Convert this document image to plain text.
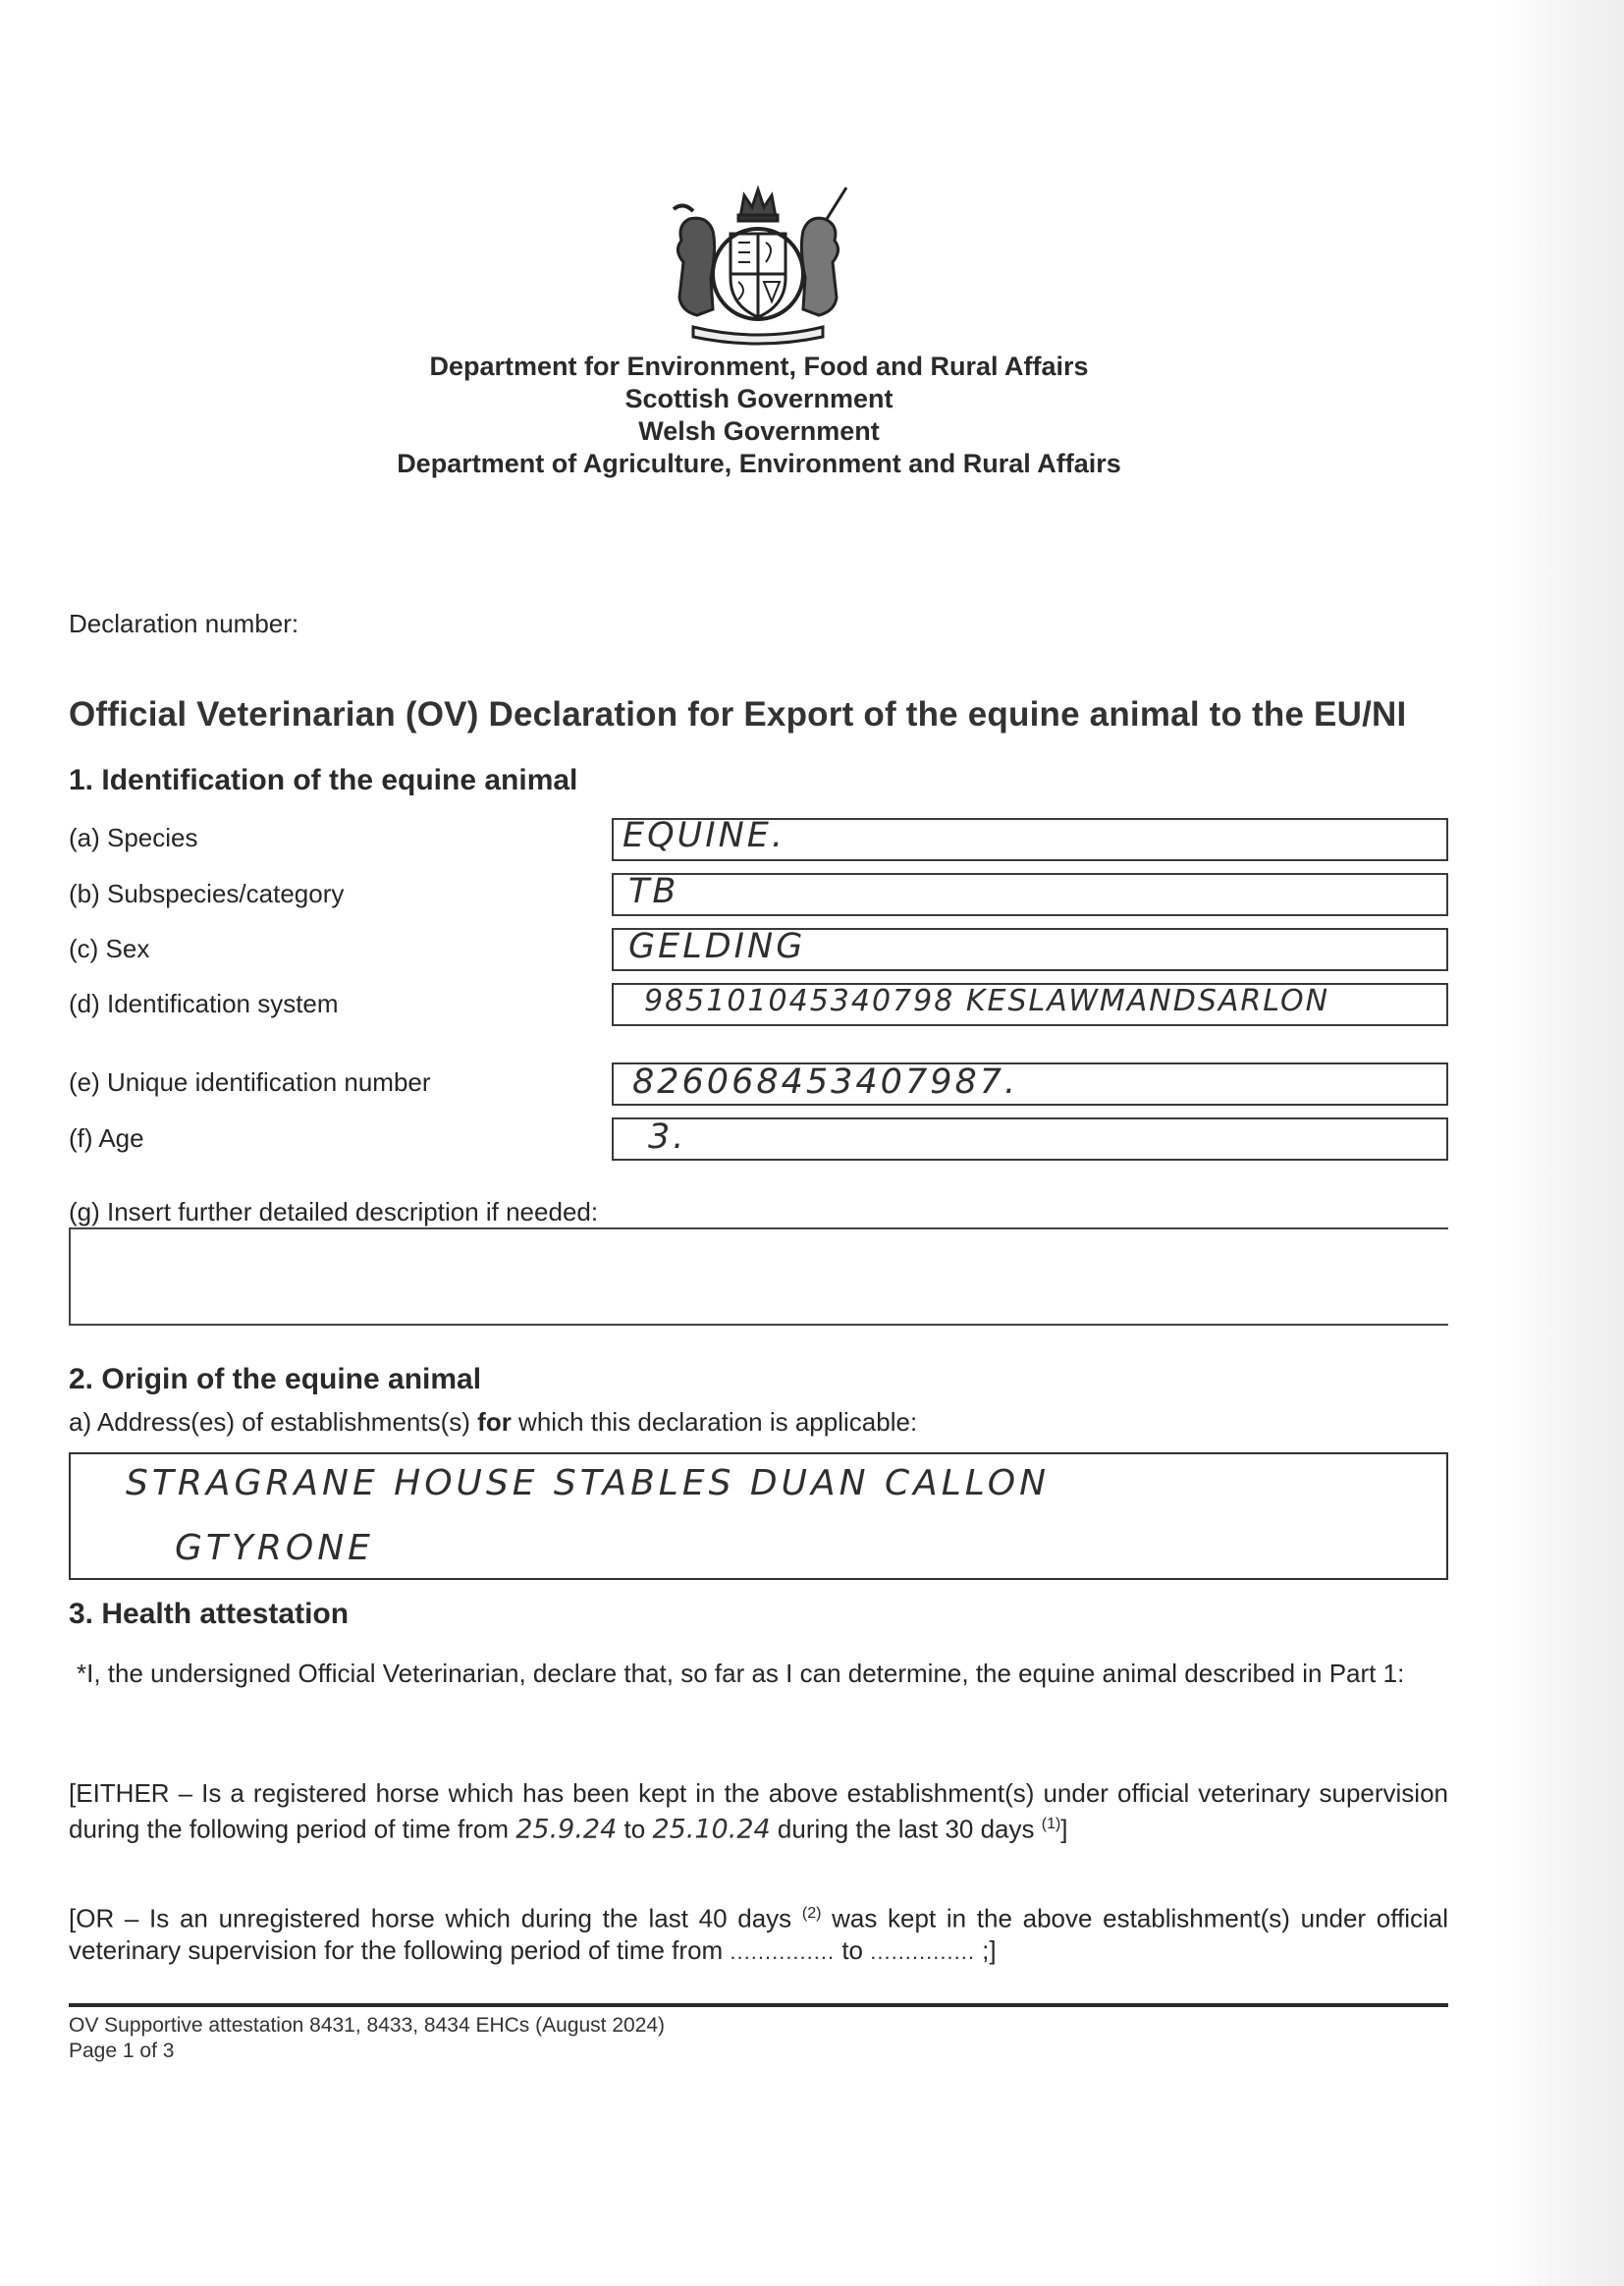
Department for Environment, Food and Rural Affairs
Scottish Government
Welsh Government
Department of Agriculture, Environment and Rural Affairs
Declaration number:
Official Veterinarian (OV) Declaration for Export of the equine animal to the EU/NI
1. Identification of the equine animal
(a) Species	EQUINE.
(b) Subspecies/category	TB
(c) Sex	GELDING
(d) Identification system	985101045340798 KESLAWMANDSARLON
(e) Unique identification number	826068453407987.
(f) Age	3.
(g) Insert further detailed description if needed:
2. Origin of the equine animal
a) Address(es) of establishments(s) for which this declaration is applicable:
STRAGRANE HOUSE STABLES DUAN CALLON
GTYRONE
3. Health attestation
*I, the undersigned Official Veterinarian, declare that, so far as I can determine, the equine animal described in Part 1:
[EITHER – Is a registered horse which has been kept in the above establishment(s) under official veterinary supervision during the following period of time from 25.9.24 to 25.10.24 during the last 30 days $^{(1)}$]
[OR – Is an unregistered horse which during the last 40 days $^{(2)}$ was kept in the above establishment(s) under official veterinary supervision for the following period of time from ............... to ............... ;]
OV Supportive attestation 8431, 8433, 8434 EHCs (August 2024)
Page 1 of 3
